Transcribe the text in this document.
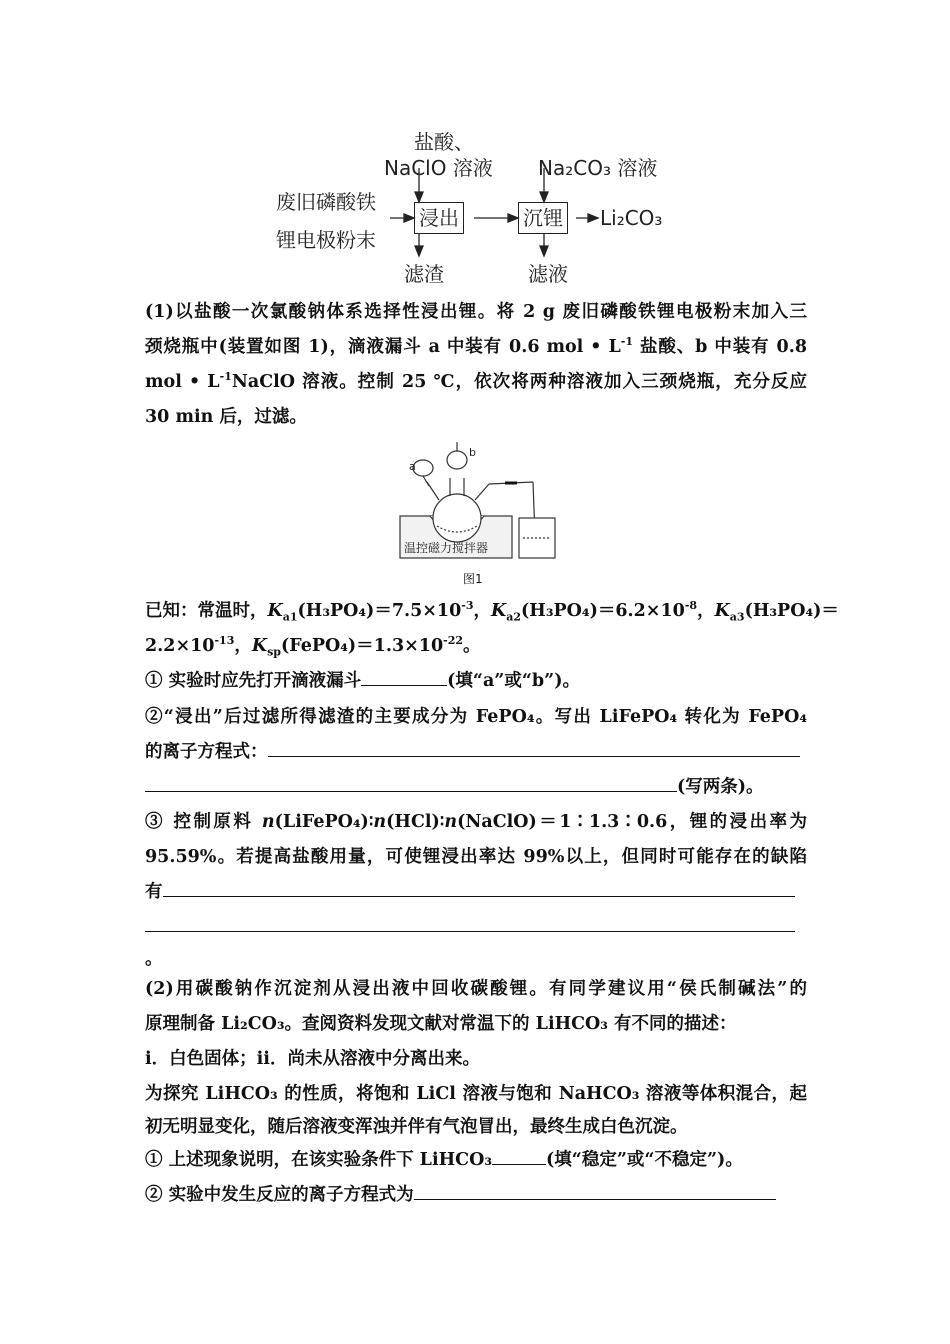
盐酸、
NaClO 溶液 Na₂CO₃ 溶液
废旧磷酸铁
锂电极粉末
浸出	沉锂 Li₂CO₃
滤渣	滤液
(1)以盐酸一次氯酸钠体系选择性浸出锂。将 2 g 废旧磷酸铁锂电极粉末加入三
颈烧瓶中(装置如图 1)，滴液漏斗 a 中装有 0.6 mol • $L^{-1}$ 盐酸、b 中装有 0.8
mol • $L^{-1}NaClO$ 溶液。控制 25 ℃，依次将两种溶液加入三颈烧瓶，充分反应
30 min 后，过滤。
a
b
温控磁力搅拌器
图1
已知：常温时，$K_{a1}(H_3PO_4)=7.5\times 10^{-3}$，$K_{a2}(H_3PO_4)=6.2\times 10^{-8}$，$K_{a3}(H_3PO_4)=$
$2.2\times 10^{-13}$，$K_{sp}(FePO_4)=1.3\times 10^{-22}$。
① 实验时应先打开滴液漏斗	(填“a”或“b”)。
②“浸出”后过滤所得滤渣的主要成分为 FePO₄。写出 LiFePO₄ 转化为 FePO₄
的离子方程式：
(写两条)。
③ 控制原料 n(LiFePO₄)∶n(HCl)∶n(NaClO)＝1∶1.3∶0.6，锂的浸出率为
95.59%。若提高盐酸用量，可使锂浸出率达 99%以上，但同时可能存在的缺陷
有
。
(2)用碳酸钠作沉淀剂从浸出液中回收碳酸锂。有同学建议用“侯氏制碱法”的
原理制备 Li₂CO₃。查阅资料发现文献对常温下的 LiHCO₃ 有不同的描述：
ⅰ．白色固体；ⅱ．尚未从溶液中分离出来。
为探究 LiHCO₃ 的性质，将饱和 LiCl 溶液与饱和 NaHCO₃ 溶液等体积混合，起
初无明显变化，随后溶液变浑浊并伴有气泡冒出，最终生成白色沉淀。
① 上述现象说明，在该实验条件下 LiHCO₃	(填“稳定”或“不稳定”)。
② 实验中发生反应的离子方程式为
